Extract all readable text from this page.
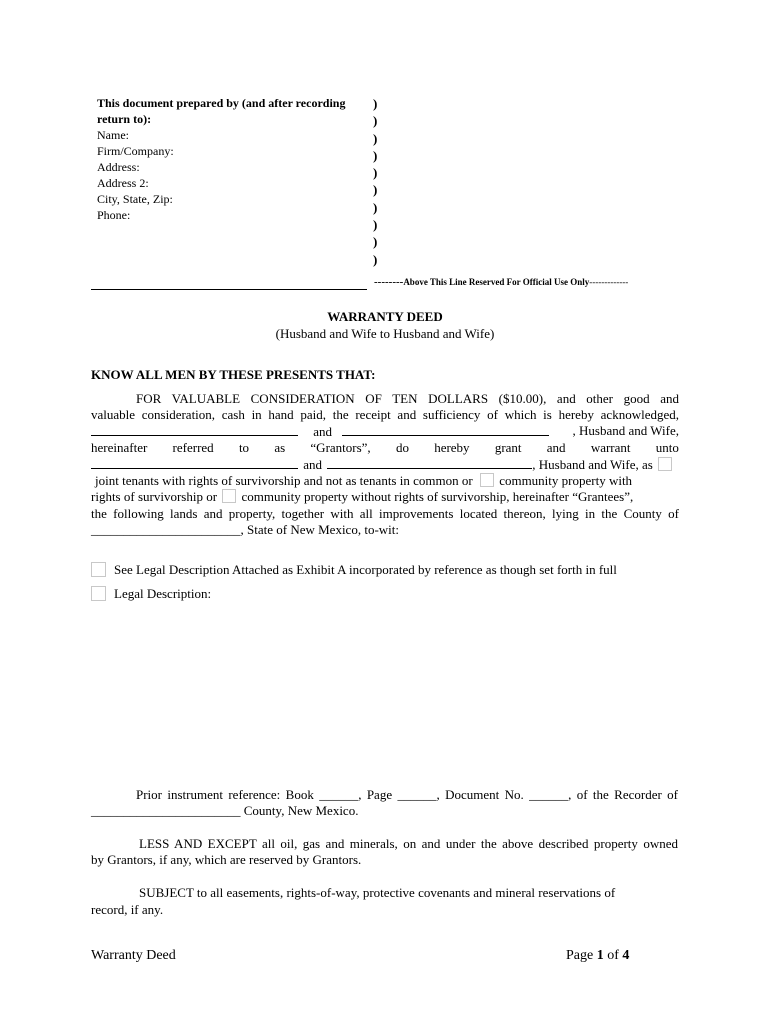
This document prepared by (and after recording
return to):
Name:
Firm/Company:
Address:
Address 2:
City, State, Zip:
Phone:
)
)
)
)
)
)
)
)
)
)
--------Above This Line Reserved For Official Use Only-------------
WARRANTY DEED
(Husband and Wife to Husband and Wife)
KNOW ALL MEN BY THESE PRESENTS THAT:
FOR VALUABLE CONSIDERATION OF TEN DOLLARS ($10.00), and other good and
valuable consideration, cash in hand paid, the receipt and sufficiency of which is hereby acknowledged,
and	, Husband and Wife,
hereinafter referred to as “Grantors”, do hereby grant and warrant unto
and	, Husband and Wife, as
joint tenants with rights of survivorship and not as tenants in common or community property with
rights of survivorship or community property without rights of survivorship, hereinafter “Grantees”,
the following lands and property, together with all improvements located thereon, lying in the County of
_______________________, State of New Mexico, to-wit:
See Legal Description Attached as Exhibit A incorporated by reference as though set forth in full
Legal Description:
Prior instrument reference: Book ______, Page ______, Document No. ______, of the Recorder of
_______________________ County, New Mexico.
LESS AND EXCEPT all oil, gas and minerals, on and under the above described property owned
by Grantors, if any, which are reserved by Grantors.
SUBJECT to all easements, rights-of-way, protective covenants and mineral reservations of
record, if any.
Warranty Deed	Page 1 of 4
